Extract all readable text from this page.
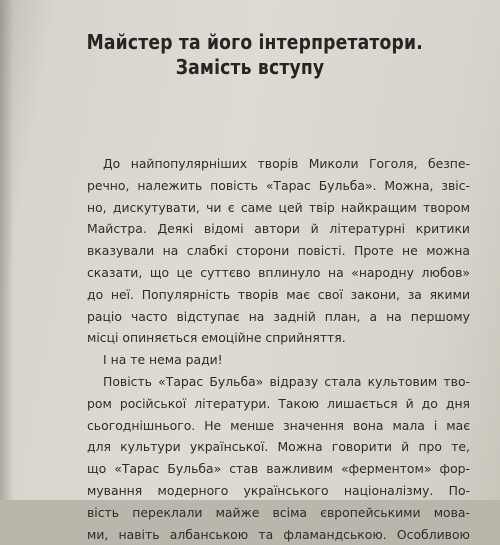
Майстер та його інтерпретатори.
Замість вступу
До найпопулярніших творів Миколи Гоголя, безпе-
речно, належить повість «Тарас Бульба». Можна, звіс-
но, дискутувати, чи є саме цей твір найкращим твором
Майстра. Деякі відомі автори й літературні критики
вказували на слабкі сторони повісті. Проте не можна
сказати, що це суттєво вплинуло на «народну любов»
до неї. Популярність творів має свої закони, за якими
раціо часто відступає на задній план, а на першому
місці опиняється емоційне сприйняття.
І на те нема ради!
Повість «Тарас Бульба» відразу стала культовим тво-
ром російської літератури. Такою лишається й до дня
сьогоднішнього. Не менше значення вона мала і має
для культури української. Можна говорити й про те,
що «Тарас Бульба» став важливим «ферментом» фор-
мування модерного українського націоналізму. По-
вість переклали майже всіма європейськими мова-
ми, навіть албанською та фламандською. Особливою
